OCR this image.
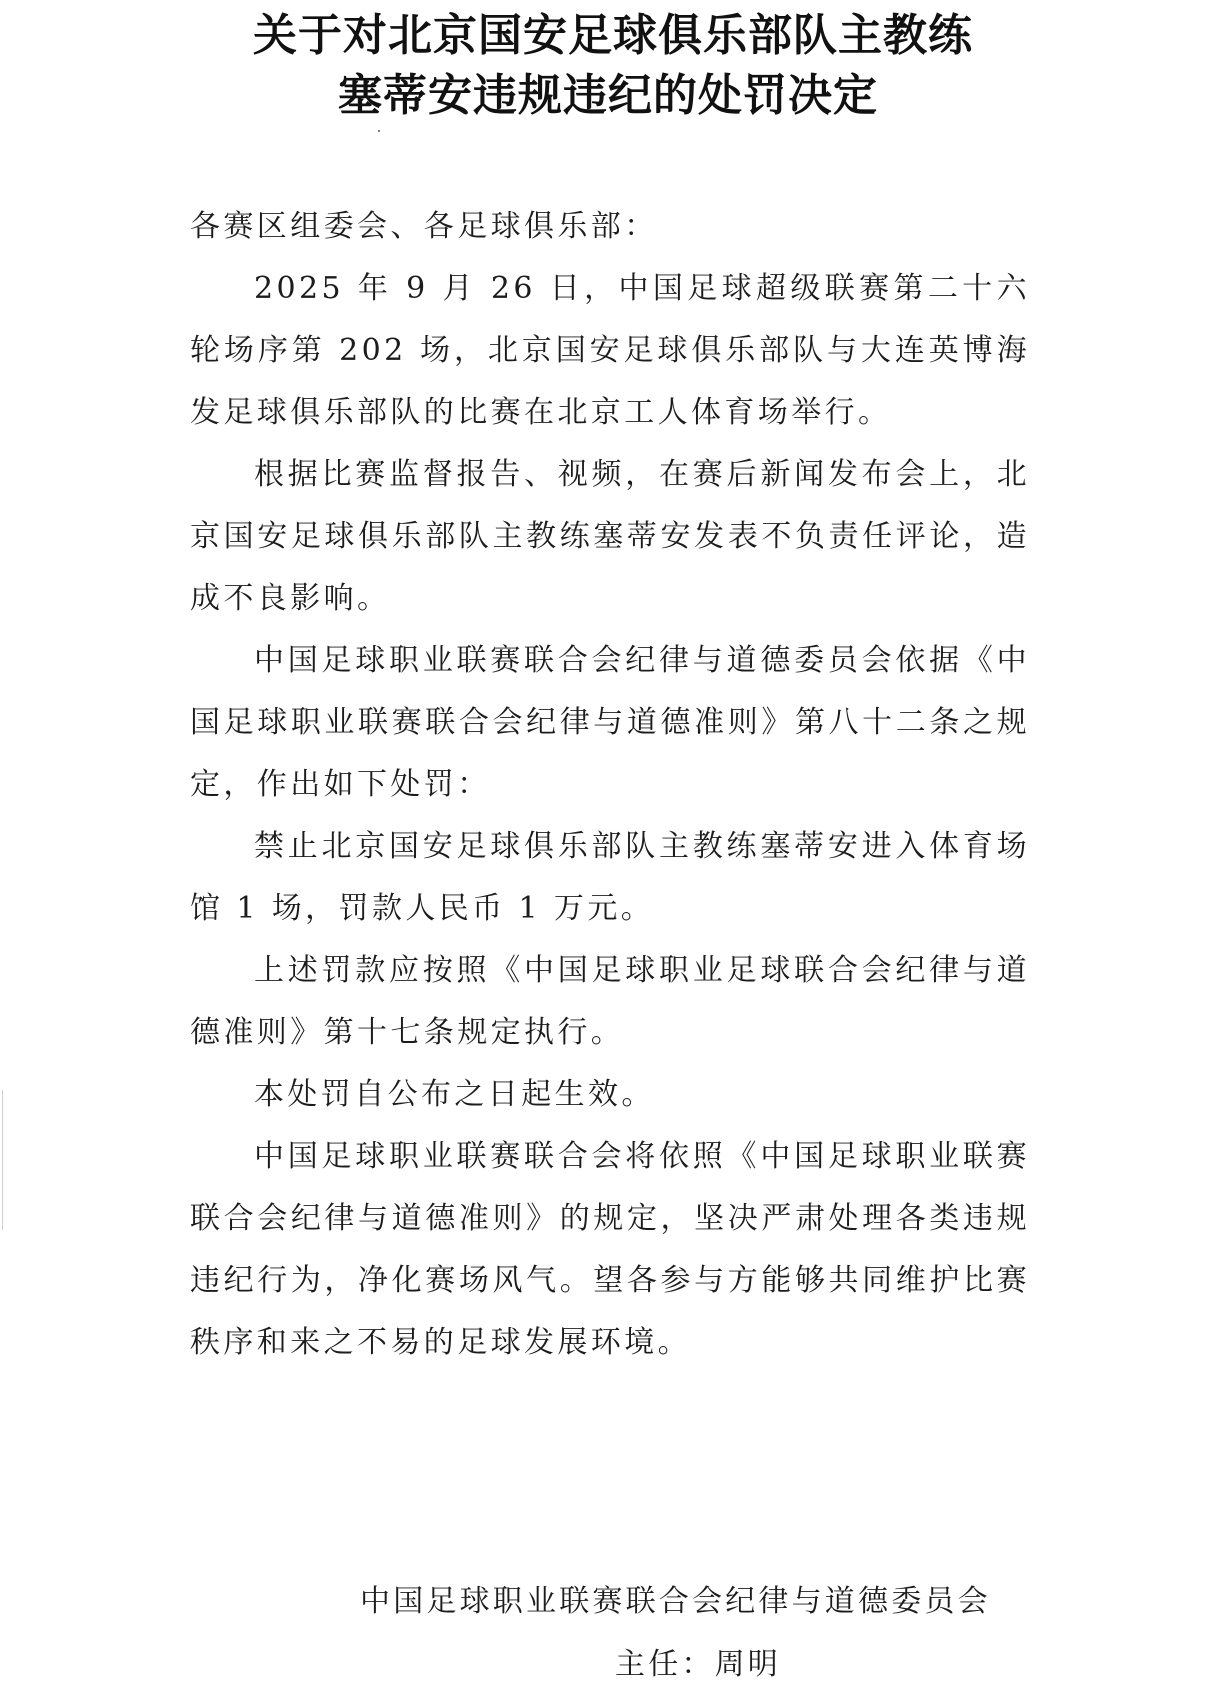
关于对北京国安足球俱乐部队主教练
塞蒂安违规违纪的处罚决定

各赛区组委会、各足球俱乐部：

2025 年 9 月 26 日，中国足球超级联赛第二十六轮场序第 202 场，北京国安足球俱乐部队与大连英博海发足球俱乐部队的比赛在北京工人体育场举行。

根据比赛监督报告、视频，在赛后新闻发布会上，北京国安足球俱乐部队主教练塞蒂安发表不负责任评论，造成不良影响。

中国足球职业联赛联合会纪律与道德委员会依据《中国足球职业联赛联合会纪律与道德准则》第八十二条之规定，作出如下处罚：

禁止北京国安足球俱乐部队主教练塞蒂安进入体育场馆 1 场，罚款人民币 1 万元。

上述罚款应按照《中国足球职业足球联合会纪律与道德准则》第十七条规定执行。

本处罚自公布之日起生效。

中国足球职业联赛联合会将依照《中国足球职业联赛联合会纪律与道德准则》的规定，坚决严肃处理各类违规违纪行为，净化赛场风气。望各参与方能够共同维护比赛秩序和来之不易的足球发展环境。

中国足球职业联赛联合会纪律与道德委员会
主任：周明
